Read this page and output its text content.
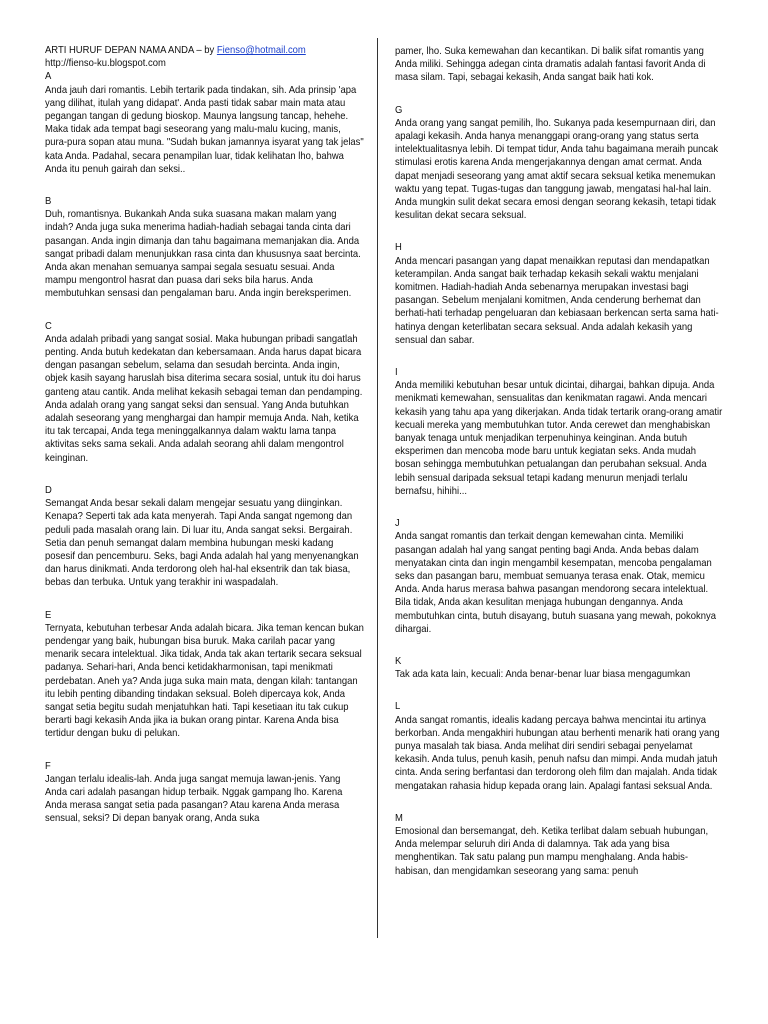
ARTI HURUF DEPAN NAMA ANDA – by Fienso@hotmail.com
http://fienso-ku.blogspot.com
A
Anda jauh dari romantis. Lebih tertarik pada tindakan, sih. Ada prinsip 'apa yang dilihat, itulah yang didapat'. Anda pasti tidak sabar main mata atau pegangan tangan di gedung bioskop. Maunya langsung tancap, hehehe. Maka tidak ada tempat bagi seseorang yang malu-malu kucing, manis, pura-pura sopan atau muna. "Sudah bukan jamannya isyarat yang tak jelas" kata Anda. Padahal, secara penampilan luar, tidak kelihatan lho, bahwa Anda itu penuh gairah dan seksi..
B
Duh, romantisnya. Bukankah Anda suka suasana makan malam yang indah? Anda juga suka menerima hadiah-hadiah sebagai tanda cinta dari pasangan. Anda ingin dimanja dan tahu bagaimana memanjakan dia. Anda sangat pribadi dalam menunjukkan rasa cinta dan khususnya saat bercinta. Anda akan menahan semuanya sampai segala sesuatu sesuai. Anda mampu mengontrol hasrat dan puasa dari seks bila harus. Anda membutuhkan sensasi dan pengalaman baru. Anda ingin bereksperimen.
C
Anda adalah pribadi yang sangat sosial. Maka hubungan pribadi sangatlah penting. Anda butuh kedekatan dan kebersamaan. Anda harus dapat bicara dengan pasangan sebelum, selama dan sesudah bercinta. Anda ingin, objek kasih sayang haruslah bisa diterima secara sosial, untuk itu doi harus ganteng atau cantik. Anda melihat kekasih sebagai teman dan pendamping. Anda adalah orang yang sangat seksi dan sensual. Yang Anda butuhkan adalah seseorang yang menghargai dan hampir memuja Anda. Nah, ketika itu tak tercapai, Anda tega meninggalkannya dalam waktu lama tanpa aktivitas seks sama sekali. Anda adalah seorang ahli dalam mengontrol keinginan.
D
Semangat Anda besar sekali dalam mengejar sesuatu yang diinginkan. Kenapa? Seperti tak ada kata menyerah. Tapi Anda sangat ngemong dan peduli pada masalah orang lain. Di luar itu, Anda sangat seksi. Bergairah. Setia dan penuh semangat dalam membina hubungan meski kadang posesif dan pencemburu. Seks, bagi Anda adalah hal yang menyenangkan dan harus dinikmati. Anda terdorong oleh hal-hal eksentrik dan tak biasa, bebas dan terbuka. Untuk yang terakhir ini waspadalah.
E
Ternyata, kebutuhan terbesar Anda adalah bicara. Jika teman kencan bukan pendengar yang baik, hubungan bisa buruk. Maka carilah pacar yang menarik secara intelektual. Jika tidak, Anda tak akan tertarik secara seksual padanya. Sehari-hari, Anda benci ketidakharmonisan, tapi menikmati perdebatan. Aneh ya? Anda juga suka main mata, dengan kilah: tantangan itu lebih penting dibanding tindakan seksual. Boleh dipercaya kok, Anda sangat setia begitu sudah menjatuhkan hati. Tapi kesetiaan itu tak cukup berarti bagi kekasih Anda jika ia bukan orang pintar. Karena Anda bisa tertidur dengan buku di pelukan.
F
Jangan terlalu idealis-lah. Anda juga sangat memuja lawan-jenis. Yang Anda cari adalah pasangan hidup terbaik. Nggak gampang lho. Karena Anda merasa sangat setia pada pasangan? Atau karena Anda merasa sensual, seksi? Di depan banyak orang, Anda suka
pamer, lho. Suka kemewahan dan kecantikan. Di balik sifat romantis yang Anda miliki. Sehingga adegan cinta dramatis adalah fantasi favorit Anda di masa silam. Tapi, sebagai kekasih, Anda sangat baik hati kok.
G
Anda orang yang sangat pemilih, lho. Sukanya pada kesempurnaan diri, dan apalagi kekasih. Anda hanya menanggapi orang-orang yang status serta intelektualitasnya lebih. Di tempat tidur, Anda tahu bagaimana meraih puncak stimulasi erotis karena Anda mengerjakannya dengan amat cermat. Anda dapat menjadi seseorang yang amat aktif secara seksual ketika menemukan waktu yang tepat. Tugas-tugas dan tanggung jawab, mengatasi hal-hal lain. Anda mungkin sulit dekat secara emosi dengan seorang kekasih, tetapi tidak kesulitan dekat secara seksual.
H
Anda mencari pasangan yang dapat menaikkan reputasi dan mendapatkan keterampilan. Anda sangat baik terhadap kekasih sekali waktu menjalani komitmen. Hadiah-hadiah Anda sebenarnya merupakan investasi bagi pasangan. Sebelum menjalani komitmen, Anda cenderung berhemat dan berhati-hati terhadap pengeluaran dan kebiasaan berkencan serta sama hati-hatinya dengan keterlibatan secara seksual. Anda adalah kekasih yang sensual dan sabar.
I
Anda memiliki kebutuhan besar untuk dicintai, dihargai, bahkan dipuja. Anda menikmati kemewahan, sensualitas dan kenikmatan ragawi. Anda mencari kekasih yang tahu apa yang dikerjakan. Anda tidak tertarik orang-orang amatir kecuali mereka yang membutuhkan tutor. Anda cerewet dan menghabiskan banyak tenaga untuk menjadikan terpenuhinya keinginan. Anda butuh eksperimen dan mencoba mode baru untuk kegiatan seks. Anda mudah bosan sehingga membutuhkan petualangan dan perubahan seksual. Anda lebih sensual daripada seksual tetapi kadang menurun menjadi terlalu bernafsu, hihihi...
J
Anda sangat romantis dan terkait dengan kemewahan cinta. Memiliki pasangan adalah hal yang sangat penting bagi Anda. Anda bebas dalam menyatakan cinta dan ingin mengambil kesempatan, mencoba pengalaman seks dan pasangan baru, membuat semuanya terasa enak. Otak, memicu Anda. Anda harus merasa bahwa pasangan mendorong secara intelektual. Bila tidak, Anda akan kesulitan menjaga hubungan dengannya. Anda membutuhkan cinta, butuh disayang, butuh suasana yang mewah, pokoknya dihargai.
K
Tak ada kata lain, kecuali: Anda benar-benar luar biasa mengagumkan
L
Anda sangat romantis, idealis kadang percaya bahwa mencintai itu artinya berkorban. Anda mengakhiri hubungan atau berhenti menarik hati orang yang punya masalah tak biasa. Anda melihat diri sendiri sebagai penyelamat kekasih. Anda tulus, penuh kasih, penuh nafsu dan mimpi. Anda mudah jatuh cinta. Anda sering berfantasi dan terdorong oleh film dan majalah. Anda tidak mengatakan rahasia hidup kepada orang lain. Apalagi fantasi seksual Anda.
M
Emosional dan bersemangat, deh. Ketika terlibat dalam sebuah hubungan, Anda melempar seluruh diri Anda di dalamnya. Tak ada yang bisa menghentikan. Tak satu palang pun mampu menghalang. Anda habis-habisan, dan mengidamkan seseorang yang sama: penuh
